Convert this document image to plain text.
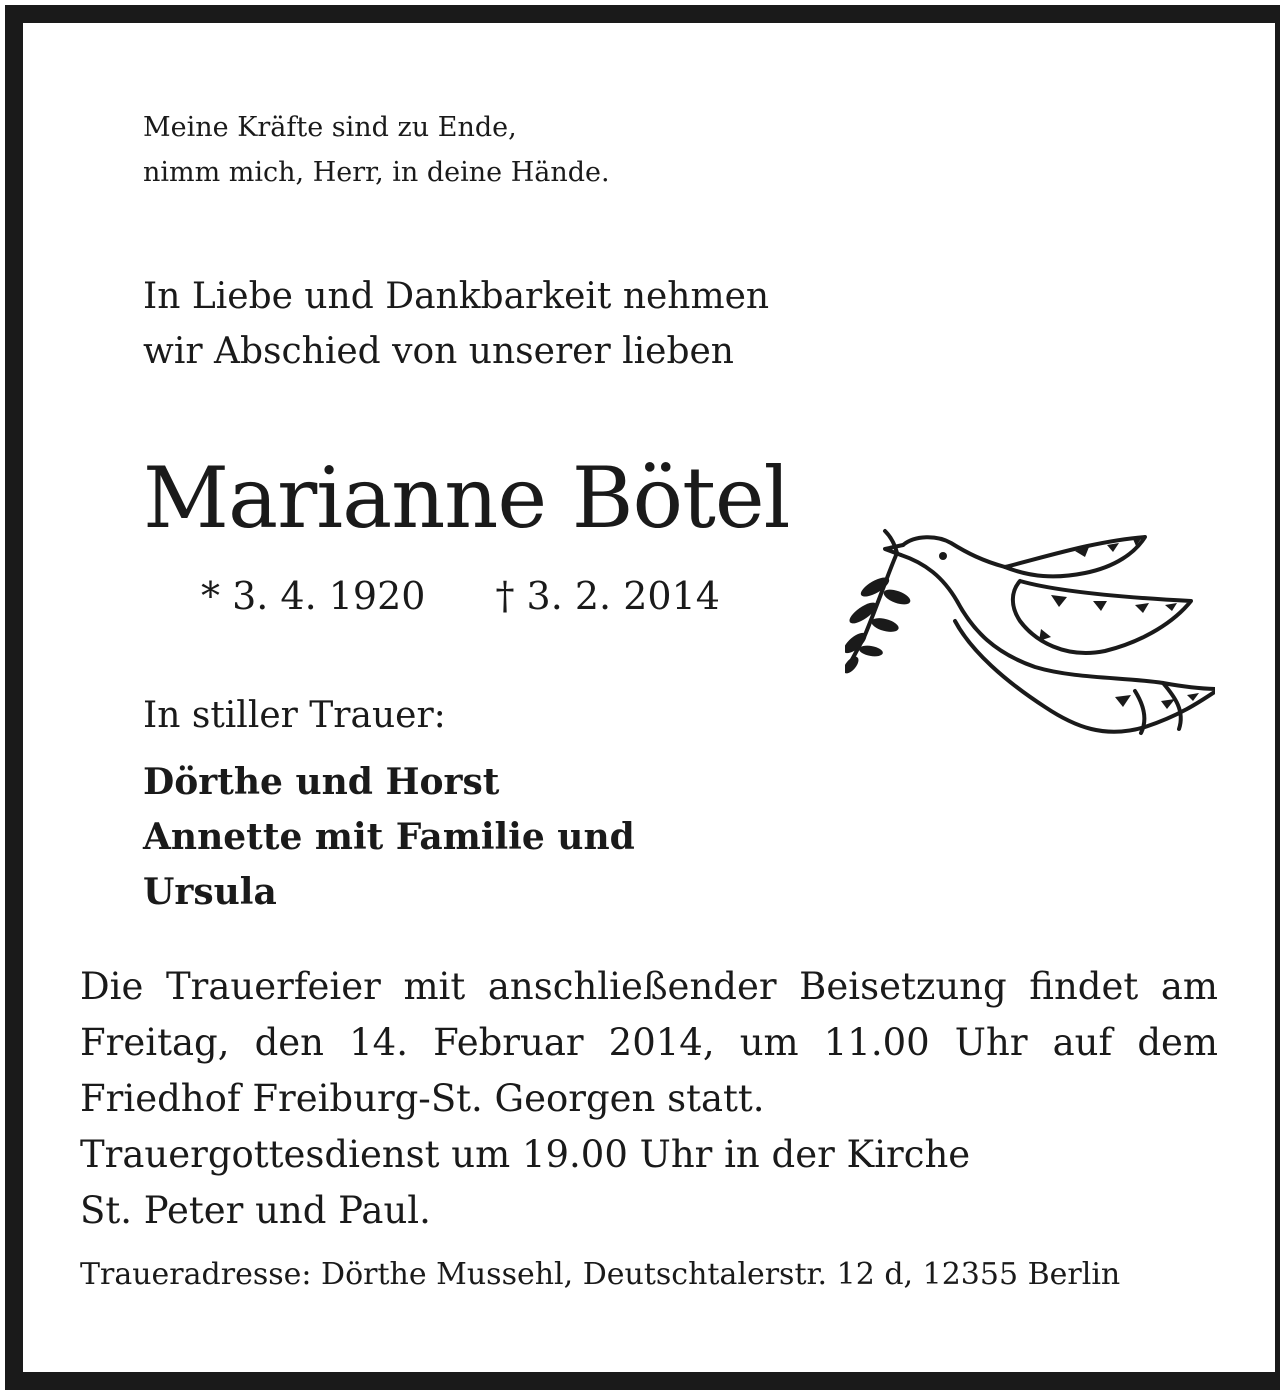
Meine Kräfte sind zu Ende,
nimm mich, Herr, in deine Hände.
In Liebe und Dankbarkeit nehmen
wir Abschied von unserer lieben
Marianne Bötel
* 3. 4. 1920 † 3. 2. 2014
In stiller Trauer:
Dörthe und Horst
Annette mit Familie und
Ursula
Die Trauerfeier mit anschließender Beisetzung findet am
Freitag, den 14. Februar 2014, um 11.00 Uhr auf dem
Friedhof Freiburg-St. Georgen statt.
Trauergottesdienst um 19.00 Uhr in der Kirche
St. Peter und Paul.
Traueradresse: Dörthe Mussehl, Deutschtalerstr. 12 d, 12355 Berlin
